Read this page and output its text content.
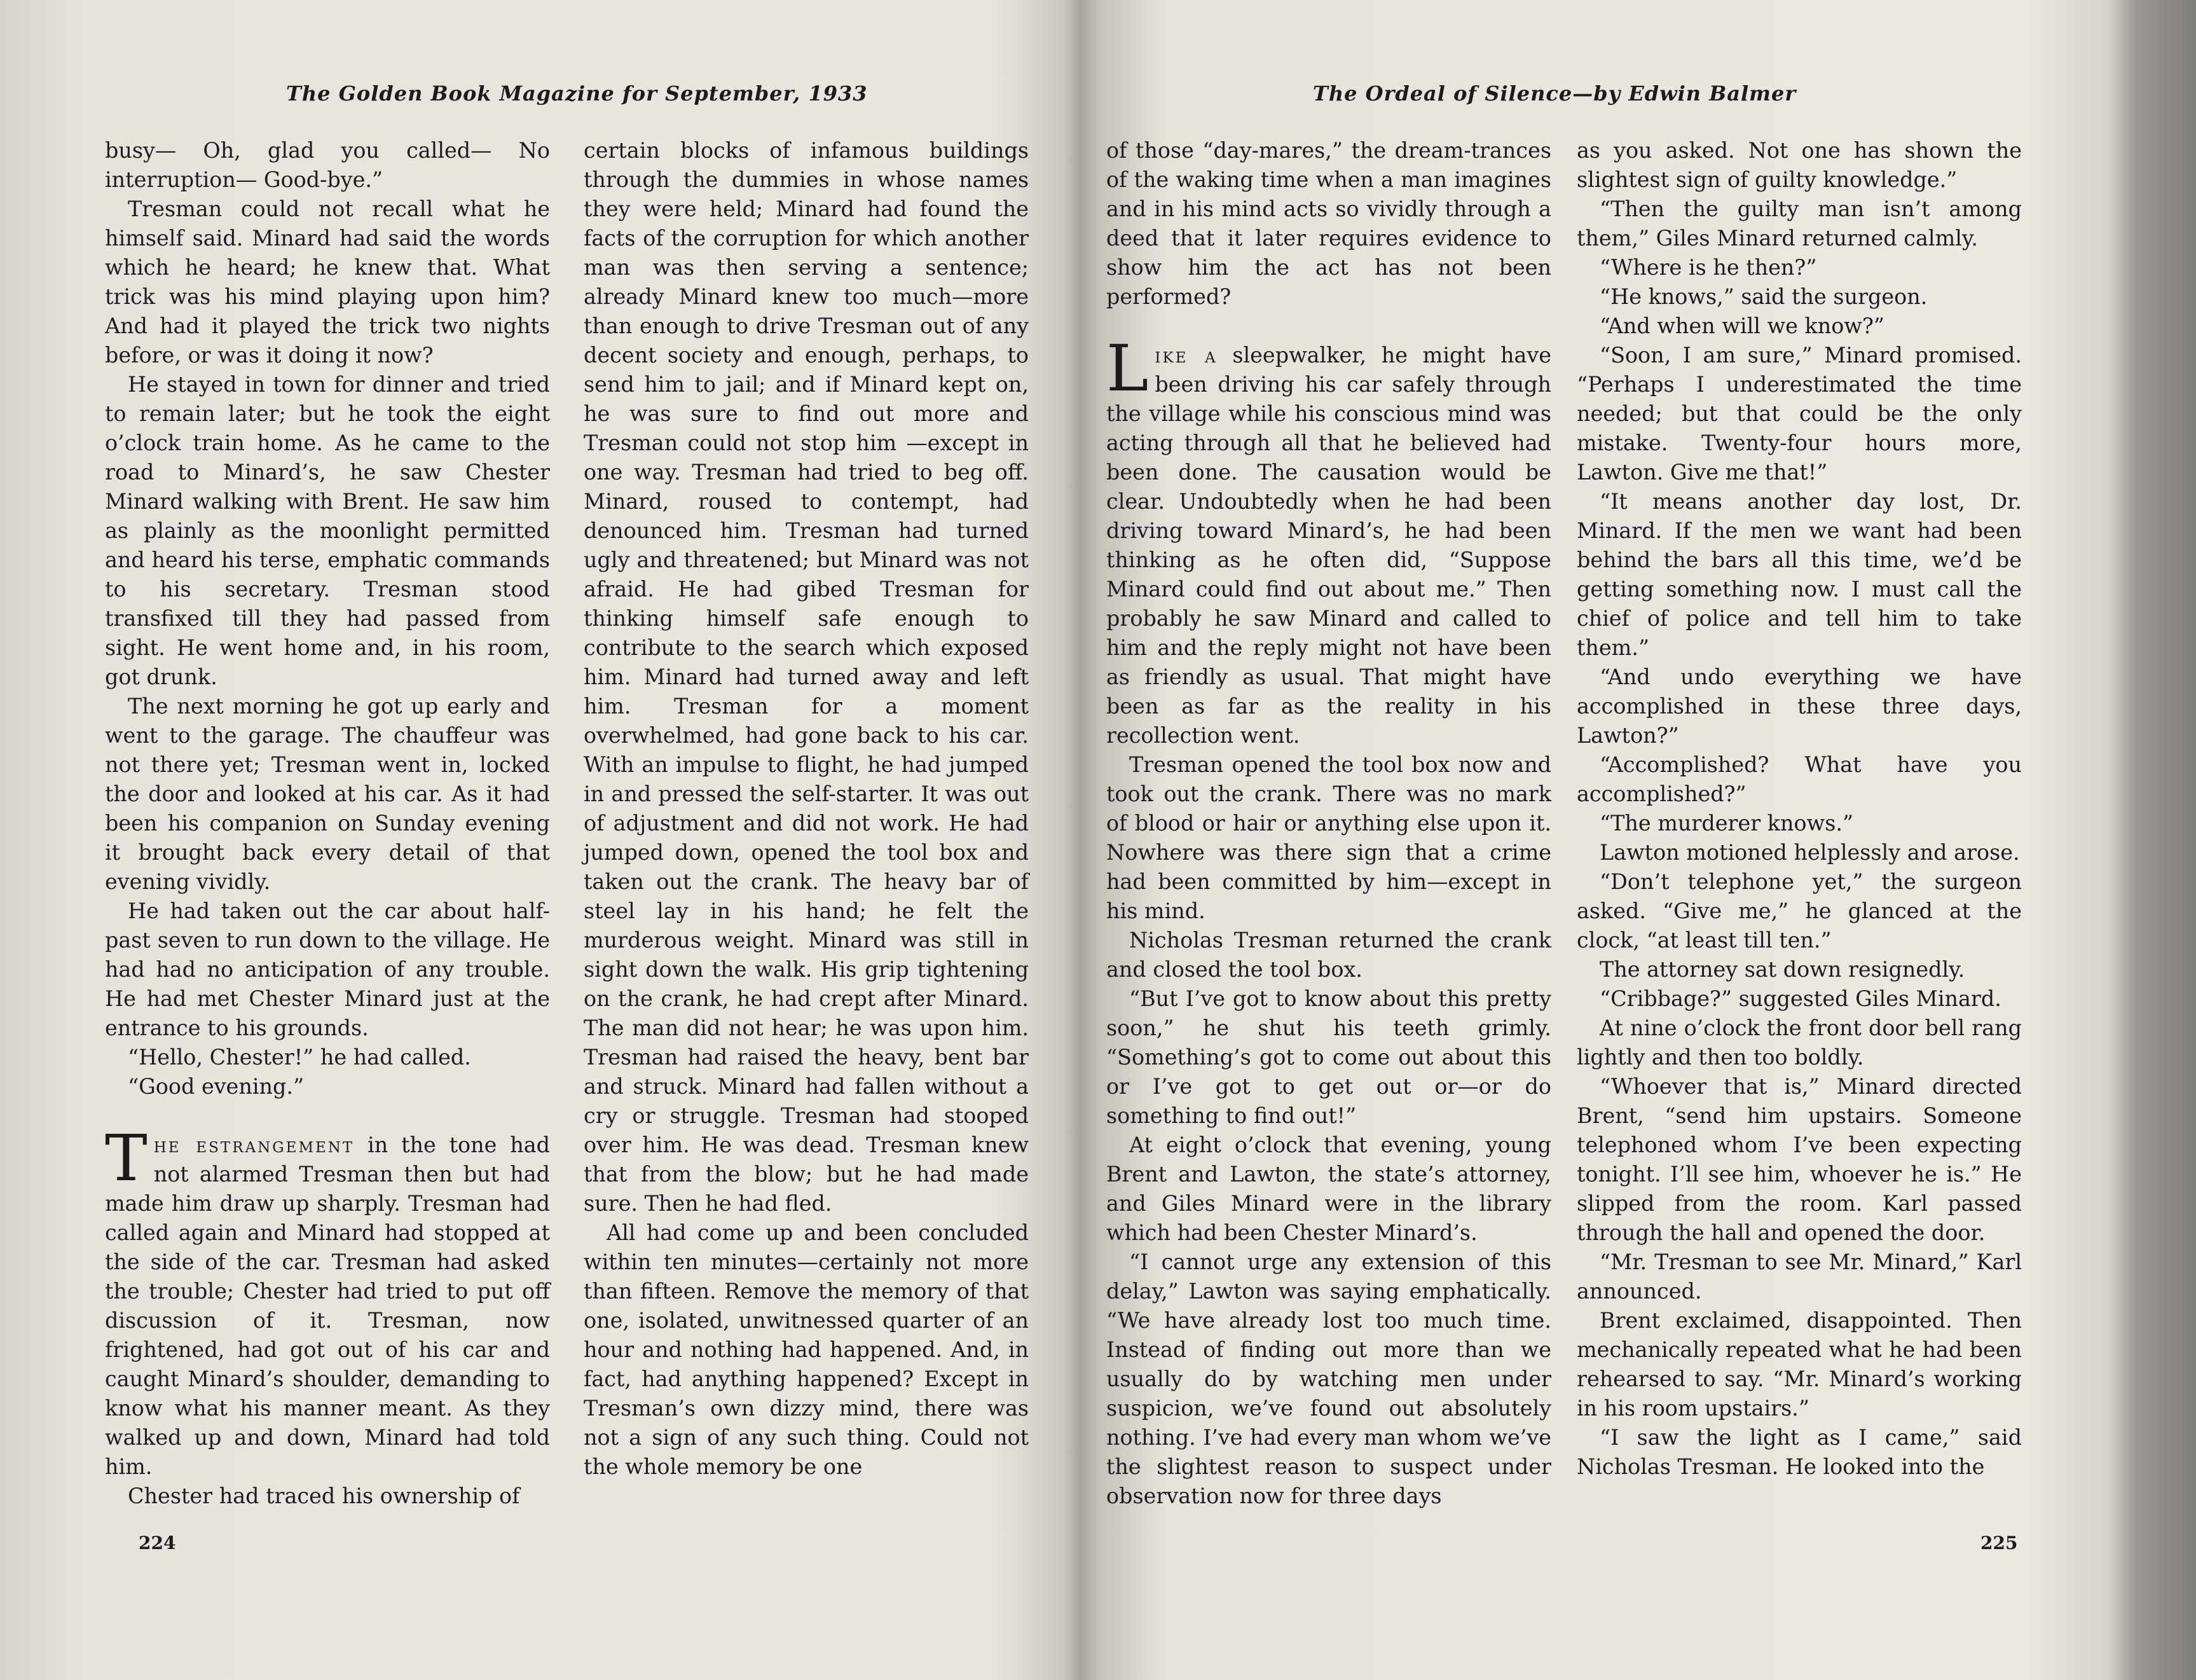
The Golden Book Magazine for September, 1933

busy— Oh, glad you called— No interruption— Good-bye.”

Tresman could not recall what he himself said. Minard had said the words which he heard; he knew that. What trick was his mind playing upon him? And had it played the trick two nights before, or was it doing it now?

He stayed in town for dinner and tried to remain later; but he took the eight o’clock train home. As he came to the road to Minard’s, he saw Chester Minard walking with Brent. He saw him as plainly as the moonlight permitted and heard his terse, emphatic commands to his secretary. Tresman stood transfixed till they had passed from sight. He went home and, in his room, got drunk.

The next morning he got up early and went to the garage. The chauffeur was not there yet; Tresman went in, locked the door and looked at his car. As it had been his companion on Sunday evening it brought back every detail of that evening vividly.

He had taken out the car about half-past seven to run down to the village. He had had no anticipation of any trouble. He had met Chester Minard just at the entrance to his grounds.

“Hello, Chester!” he had called.

“Good evening.”

The estrangement in the tone had not alarmed Tresman then but had made him draw up sharply. Tresman had called again and Minard had stopped at the side of the car. Tresman had asked the trouble; Chester had tried to put off discussion of it. Tresman, now frightened, had got out of his car and caught Minard’s shoulder, demanding to know what his manner meant. As they walked up and down, Minard had told him.

Chester had traced his ownership of

certain blocks of infamous buildings through the dummies in whose names they were held; Minard had found the facts of the corruption for which another man was then serving a sentence; already Minard knew too much—more than enough to drive Tresman out of any decent society and enough, perhaps, to send him to jail; and if Minard kept on, he was sure to find out more and Tresman could not stop him —except in one way. Tresman had tried to beg off. Minard, roused to contempt, had denounced him. Tresman had turned ugly and threatened; but Minard was not afraid. He had gibed Tresman for thinking himself safe enough to contribute to the search which exposed him. Minard had turned away and left him. Tresman for a moment overwhelmed, had gone back to his car. With an impulse to flight, he had jumped in and pressed the self-starter. It was out of adjustment and did not work. He had jumped down, opened the tool box and taken out the crank. The heavy bar of steel lay in his hand; he felt the murderous weight. Minard was still in sight down the walk. His grip tightening on the crank, he had crept after Minard. The man did not hear; he was upon him. Tresman had raised the heavy, bent bar and struck. Minard had fallen without a cry or struggle. Tresman had stooped over him. He was dead. Tresman knew that from the blow; but he had made sure. Then he had fled.

All had come up and been concluded within ten minutes—certainly not more than fifteen. Remove the memory of that one, isolated, unwitnessed quarter of an hour and nothing had happened. And, in fact, had anything happened? Except in Tresman’s own dizzy mind, there was not a sign of any such thing. Could not the whole memory be one

224
The Ordeal of Silence—by Edwin Balmer

of those “day-mares,” the dream-trances of the waking time when a man imagines and in his mind acts so vividly through a deed that it later requires evidence to show him the act has not been performed?

Like a sleepwalker, he might have been driving his car safely through the village while his conscious mind was acting through all that he believed had been done. The causation would be clear. Undoubtedly when he had been driving toward Minard’s, he had been thinking as he often did, “Suppose Minard could find out about me.” Then probably he saw Minard and called to him and the reply might not have been as friendly as usual. That might have been as far as the reality in his recollection went.

Tresman opened the tool box now and took out the crank. There was no mark of blood or hair or anything else upon it. Nowhere was there sign that a crime had been committed by him—except in his mind.

Nicholas Tresman returned the crank and closed the tool box.

“But I’ve got to know about this pretty soon,” he shut his teeth grimly. “Something’s got to come out about this or I’ve got to get out or—or do something to find out!”

At eight o’clock that evening, young Brent and Lawton, the state’s attorney, and Giles Minard were in the library which had been Chester Minard’s.

“I cannot urge any extension of this delay,” Lawton was saying emphatically. “We have already lost too much time. Instead of finding out more than we usually do by watching men under suspicion, we’ve found out absolutely nothing. I’ve had every man whom we’ve the slightest reason to suspect under observation now for three days

as you asked. Not one has shown the slightest sign of guilty knowledge.”

“Then the guilty man isn’t among them,” Giles Minard returned calmly.

“Where is he then?”

“He knows,” said the surgeon.

“And when will we know?”

“Soon, I am sure,” Minard promised. “Perhaps I underestimated the time needed; but that could be the only mistake. Twenty-four hours more, Lawton. Give me that!”

“It means another day lost, Dr. Minard. If the men we want had been behind the bars all this time, we’d be getting something now. I must call the chief of police and tell him to take them.”

“And undo everything we have accomplished in these three days, Lawton?”

“Accomplished? What have you accomplished?”

“The murderer knows.”

Lawton motioned helplessly and arose.

“Don’t telephone yet,” the surgeon asked. “Give me,” he glanced at the clock, “at least till ten.”

The attorney sat down resignedly.

“Cribbage?” suggested Giles Minard.

At nine o’clock the front door bell rang lightly and then too boldly.

“Whoever that is,” Minard directed Brent, “send him upstairs. Someone telephoned whom I’ve been expecting tonight. I’ll see him, whoever he is.” He slipped from the room. Karl passed through the hall and opened the door.

“Mr. Tresman to see Mr. Minard,” Karl announced.

Brent exclaimed, disappointed. Then mechanically repeated what he had been rehearsed to say. “Mr. Minard’s working in his room upstairs.”

“I saw the light as I came,” said Nicholas Tresman. He looked into the

225
